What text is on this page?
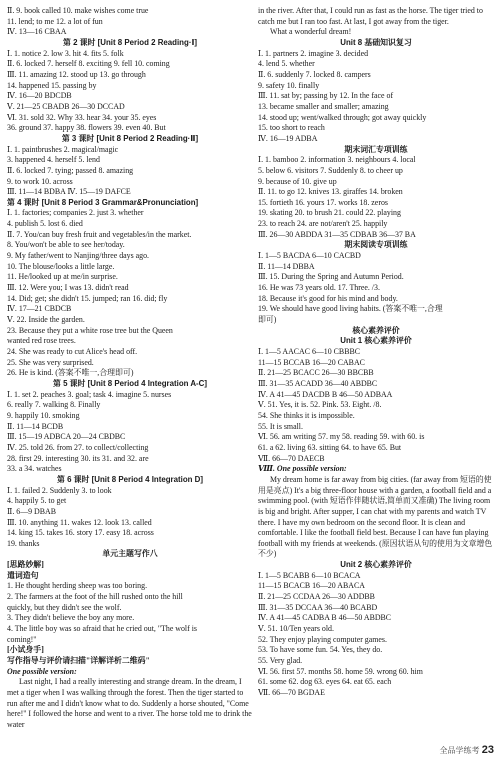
Ⅱ. 9. book called 10. make wishes come true
11. lend; to me 12. a lot of fun
Ⅳ. 13—16 CBAA
第 2 课时 [Unit 8 Period 2 Reading·Ⅰ]
Ⅰ. 1. notice 2. low 3. hit 4. fits 5. folk
Ⅱ. 6. locked 7. herself 8. exciting 9. fell 10. coming
Ⅲ. 11. amazing 12. stood up 13. go through
14. happened 15. passing by
Ⅳ. 16—20 BDCDB
Ⅴ. 21—25 CBADB 26—30 DCCAD
Ⅵ. 31. sold 32. Why 33. hear 34. your 35. eyes
36. ground 37. happy 38. flowers 39. even 40. But
第 3 课时 [Unit 8 Period 2 Reading·Ⅱ]
Ⅰ. 1. paintbrushes 2. magical/magic
3. happened 4. herself 5. lend
Ⅱ. 6. locked 7. tying; passed 8. amazing
9. to work 10. across
Ⅲ. 11—14 BDBA Ⅳ. 15—19 DAFCE
第 4 课时 [Unit 8 Period 3 Grammar&Pronunciation]
Ⅰ. 1. factories; companies 2. just 3. whether
4. publish 5. lost 6. died
Ⅱ. 7. You/can buy fresh fruit and vegetables/in the market.
8. You/won't be able to see her/today.
9. My father/went to Nanjing/three days ago.
10. The blouse/looks a little large.
11. He/looked up at me/in surprise.
Ⅲ. 12. Were you; I was 13. didn't read
14. Did; get; she didn't 15. jumped; ran 16. did; fly
Ⅳ. 17—21 CBDCB
Ⅴ. 22. Inside the garden.
23. Because they put a white rose tree but the Queen
wanted red rose trees.
24. She was ready to cut Alice's head off.
25. She was very surprised.
26. He is kind. (答案不唯一,合理即可)
第 5 课时 [Unit 8 Period 4 Integration A-C]
Ⅰ. 1. set 2. peaches 3. goal; task 4. imagine 5. nurses
6. really 7. walking 8. Finally
9. happily 10. smoking
Ⅱ. 11—14 BCDB
Ⅲ. 15—19 ADBCA 20—24 CBDBC
Ⅳ. 25. told 26. from 27. to collect/collecting
28. first 29. interesting 30. its 31. and 32. are
33. a 34. watches
第 6 课时 [Unit 8 Period 4 Integration D]
Ⅰ. 1. failed 2. Suddenly 3. to look
4. happily 5. to get
Ⅱ. 6—9 DBAB
Ⅲ. 10. anything 11. wakes 12. look 13. called
14. king 15. takes 16. story 17. easy 18. across
19. thanks
单元主题写作八
[思路妙解]
遣词造句
1. He thought herding sheep was too boring.
2. The farmers at the foot of the hill rushed onto the hill
quickly, but they didn't see the wolf.
3. They didn't believe the boy any more.
4. The little boy was so afraid that he cried out, "The wolf is
coming!"
[小试身手]
写作指导与评价请扫描"详解详析二维码"
One possible version:
Last night, I had a really interesting and strange dream. In the dream, I met a tiger when I was walking through the forest. Then the tiger started to run after me and I didn't know what to do. Suddenly a horse shouted, "Come here!" I followed the horse and went to a river. The horse told me to drink the water
in the river. After that, I could run as fast as the horse. The tiger tried to catch me but I ran too fast. At last, I got away from the tiger.
What a wonderful dream!
Unit 8 基础知识复习
Ⅰ. 1. partners 2. imagine 3. decided
4. lend 5. whether
Ⅱ. 6. suddenly 7. locked 8. campers
9. safety 10. finally
Ⅲ. 11. sat by; passing by 12. In the face of
13. became smaller and smaller; amazing
14. stood up; went/walked through; got away quickly
15. too short to reach
Ⅳ. 16—19 ADBA
期末词汇专项训练
Ⅰ. 1. bamboo 2. information 3. neighbours 4. local
5. below 6. visitors 7. Suddenly 8. to cheer up
9. because of 10. give up
Ⅱ. 11. to go 12. knives 13. giraffes 14. broken
15. fortieth 16. yours 17. works 18. zeros
19. skating 20. to brush 21. could 22. playing
23. to reach 24. are not/aren't 25. happily
Ⅲ. 26—30 ABDDA 31—35 CDBAB 36—37 BA
期末阅读专项训练
Ⅰ. 1—5 BACDA 6—10 CACBD
Ⅱ. 11—14 DBBA
Ⅲ. 15. During the Spring and Autumn Period.
16. He was 73 years old. 17. Three. /3.
18. Because it's good for his mind and body.
19. We should have good living habits. (答案不唯一,合理
即可)
核心素养评价
Unit 1 核心素养评价
Ⅰ. 1—5 AACAC 6—10 CBBBC
11—15 BCCAB 16—20 CABAC
Ⅱ. 21—25 BCACC 26—30 BBCBB
Ⅲ. 31—35 ACADD 36—40 ABDBC
Ⅳ. A 41—45 DACDB B 46—50 ADBAA
Ⅴ. 51. Yes, it is. 52. Pink. 53. Eight. /8.
54. She thinks it is impossible.
55. It is small.
Ⅵ. 56. am writing 57. my 58. reading 59. with 60. is
61. a 62. living 63. sitting 64. to have 65. But
Ⅶ. 66—70 DAECB
Ⅷ. One possible version:
My dream home is far away from big cities. (far away from 短语的使用是亮点) It's a big three-floor house with a garden, a football field and a swimming pool. (with 短语作伴随状语,简单而又准确) The living room is big and bright. After supper, I can chat with my parents and watch TV there. I have my own bedroom on the second floor. It is clean and comfortable. I like the football field best. Because I can have fun playing football with my friends at weekends. (原因状语从句的使用为文章增色不少)
Unit 2 核心素养评价
Ⅰ. 1—5 BCABB 6—10 BCACA
11—15 BCACB 16—20 ABACA
Ⅱ. 21—25 CCDAA 26—30 ADDBB
Ⅲ. 31—35 DCCAA 36—40 BCABD
Ⅳ. A 41—45 CADBA B 46—50 ABDBC
Ⅴ. 51. 10/Ten years old.
52. They enjoy playing computer games.
53. To have some fun. 54. Yes, they do.
55. Very glad.
Ⅵ. 56. first 57. months 58. home 59. wrong 60. him
61. some 62. dog 63. eyes 64. eat 65. each
Ⅶ. 66—70 BGDAE
全品学练考 23
